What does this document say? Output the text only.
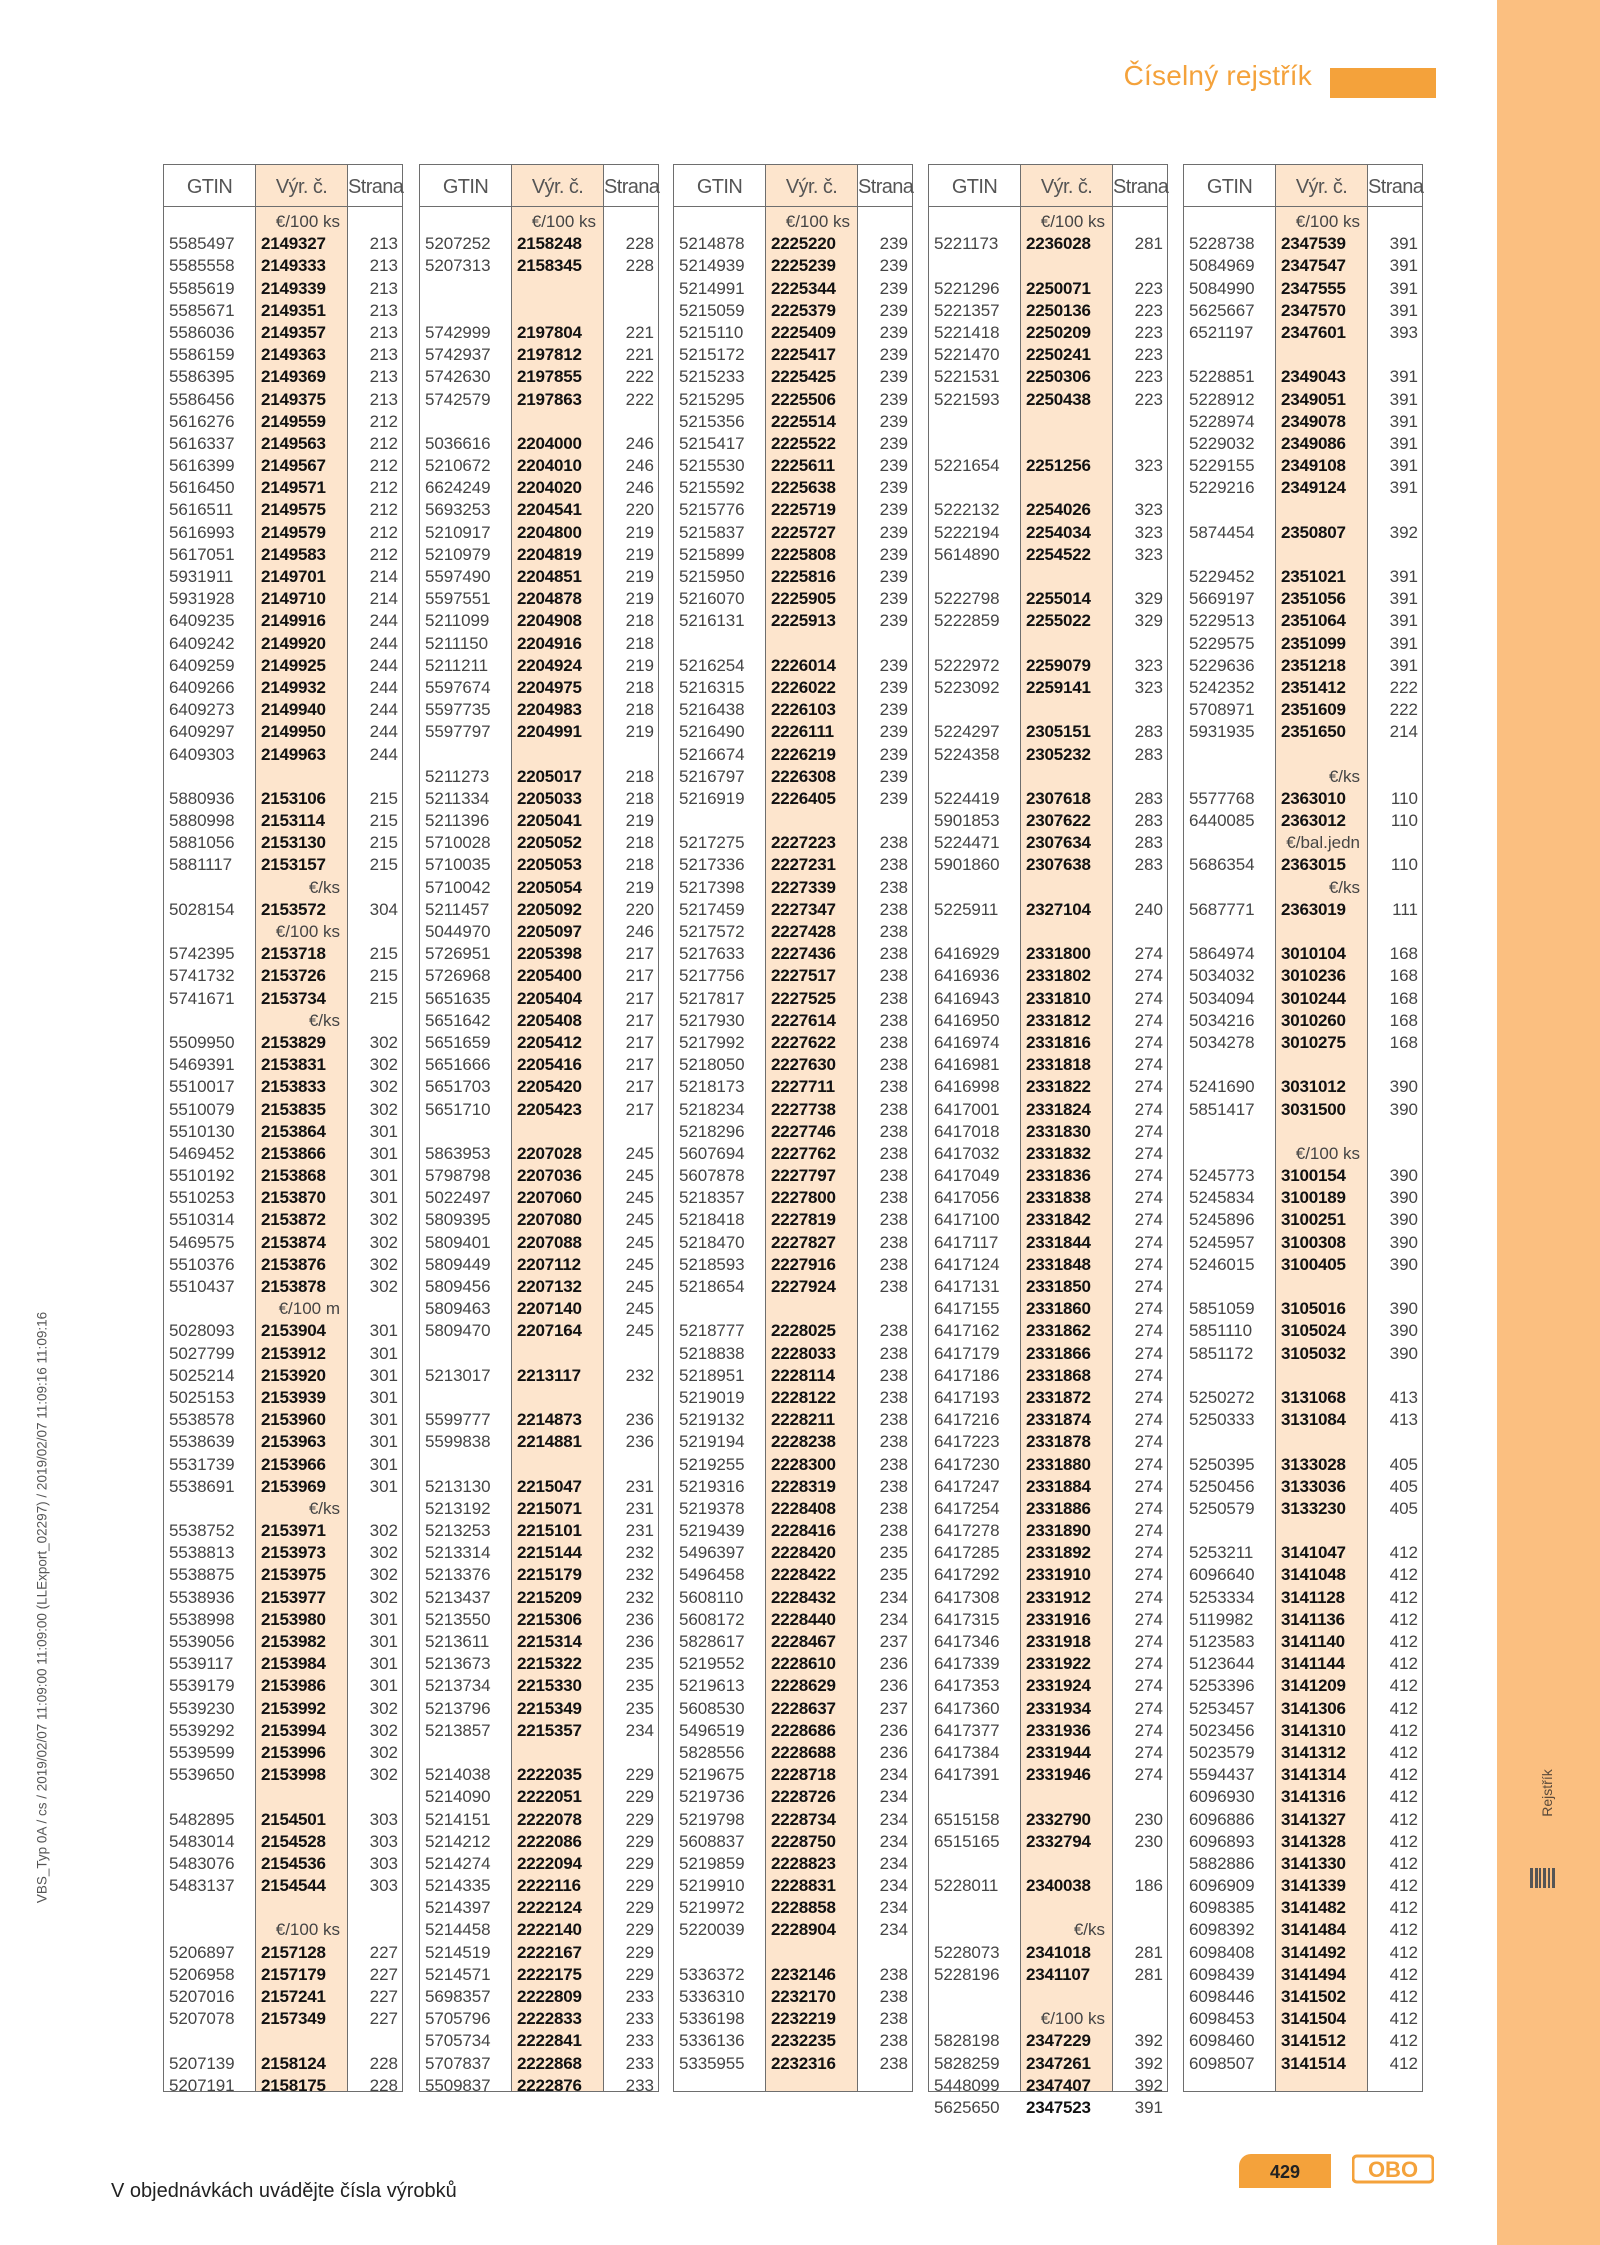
Rejstřík
Číselný rejstřík
VBS_Typ 0A / cs / 2019/02/07 11:09:00 11:09:00 (LLExport_02297) / 2019/02/07 11:09:16 11:09:16
GTIN	Výr. č.	Strana
€/100 ks
5585497 2149327	213
5585558 2149333	213
5585619 2149339	213
5585671 2149351	213
5586036 2149357	213
5586159 2149363	213
5586395 2149369	213
5586456 2149375	213
5616276 2149559	212
5616337 2149563	212
5616399 2149567	212
5616450 2149571	212
5616511 2149575	212
5616993 2149579	212
5617051 2149583	212
5931911 2149701	214
5931928 2149710	214
6409235 2149916	244
6409242 2149920	244
6409259 2149925	244
6409266 2149932	244
6409273 2149940	244
6409297 2149950	244
6409303 2149963	244
5880936 2153106	215
5880998 2153114	215
5881056 2153130	215
5881117 2153157	215
€/ks
5028154 2153572	304
€/100 ks
5742395 2153718	215
5741732 2153726	215
5741671 2153734	215
€/ks
5509950 2153829	302
5469391 2153831	302
5510017 2153833	302
5510079 2153835	302
5510130 2153864	301
5469452 2153866	301
5510192 2153868	301
5510253 2153870	301
5510314 2153872	302
5469575 2153874	302
5510376 2153876	302
5510437 2153878	302
€/100 m
5028093 2153904	301
5027799 2153912	301
5025214 2153920	301
5025153 2153939	301
5538578 2153960	301
5538639 2153963	301
5531739 2153966	301
5538691 2153969	301
€/ks
5538752 2153971	302
5538813 2153973	302
5538875 2153975	302
5538936 2153977	302
5538998 2153980	301
5539056 2153982	301
5539117 2153984	301
5539179 2153986	301
5539230 2153992	302
5539292 2153994	302
5539599 2153996	302
5539650 2153998	302
5482895 2154501	303
5483014 2154528	303
5483076 2154536	303
5483137 2154544	303
€/100 ks
5206897 2157128	227
5206958 2157179	227
5207016 2157241	227
5207078 2157349	227
5207139 2158124	228
5207191 2158175	228
GTIN	Výr. č.	Strana
€/100 ks
5207252 2158248	228
5207313 2158345	228
5742999 2197804	221
5742937 2197812	221
5742630 2197855	222
5742579 2197863	222
5036616 2204000	246
5210672 2204010	246
6624249 2204020	246
5693253 2204541	220
5210917 2204800	219
5210979 2204819	219
5597490 2204851	219
5597551 2204878	219
5211099 2204908	218
5211150 2204916	218
5211211 2204924	219
5597674 2204975	218
5597735 2204983	218
5597797 2204991	219
5211273 2205017	218
5211334 2205033	218
5211396 2205041	219
5710028 2205052	218
5710035 2205053	218
5710042 2205054	219
5211457 2205092	220
5044970 2205097	246
5726951 2205398	217
5726968 2205400	217
5651635 2205404	217
5651642 2205408	217
5651659 2205412	217
5651666 2205416	217
5651703 2205420	217
5651710 2205423	217
5863953 2207028	245
5798798 2207036	245
5022497 2207060	245
5809395 2207080	245
5809401 2207088	245
5809449 2207112	245
5809456 2207132	245
5809463 2207140	245
5809470 2207164	245
5213017 2213117	232
5599777 2214873	236
5599838 2214881	236
5213130 2215047	231
5213192 2215071	231
5213253 2215101	231
5213314 2215144	232
5213376 2215179	232
5213437 2215209	232
5213550 2215306	236
5213611 2215314	236
5213673 2215322	235
5213734 2215330	235
5213796 2215349	235
5213857 2215357	234
5214038 2222035	229
5214090 2222051	229
5214151 2222078	229
5214212 2222086	229
5214274 2222094	229
5214335 2222116	229
5214397 2222124	229
5214458 2222140	229
5214519 2222167	229
5214571 2222175	229
5698357 2222809	233
5705796 2222833	233
5705734 2222841	233
5707837 2222868	233
5509837 2222876	233
GTIN	Výr. č.	Strana
€/100 ks
5214878 2225220	239
5214939 2225239	239
5214991 2225344	239
5215059 2225379	239
5215110 2225409	239
5215172 2225417	239
5215233 2225425	239
5215295 2225506	239
5215356 2225514	239
5215417 2225522	239
5215530 2225611	239
5215592 2225638	239
5215776 2225719	239
5215837 2225727	239
5215899 2225808	239
5215950 2225816	239
5216070 2225905	239
5216131 2225913	239
5216254 2226014	239
5216315 2226022	239
5216438 2226103	239
5216490 2226111	239
5216674 2226219	239
5216797 2226308	239
5216919 2226405	239
5217275 2227223	238
5217336 2227231	238
5217398 2227339	238
5217459 2227347	238
5217572 2227428	238
5217633 2227436	238
5217756 2227517	238
5217817 2227525	238
5217930 2227614	238
5217992 2227622	238
5218050 2227630	238
5218173 2227711	238
5218234 2227738	238
5218296 2227746	238
5607694 2227762	238
5607878 2227797	238
5218357 2227800	238
5218418 2227819	238
5218470 2227827	238
5218593 2227916	238
5218654 2227924	238
5218777 2228025	238
5218838 2228033	238
5218951 2228114	238
5219019 2228122	238
5219132 2228211	238
5219194 2228238	238
5219255 2228300	238
5219316 2228319	238
5219378 2228408	238
5219439 2228416	238
5496397 2228420	235
5496458 2228422	235
5608110 2228432	234
5608172 2228440	234
5828617 2228467	237
5219552 2228610	236
5219613 2228629	236
5608530 2228637	237
5496519 2228686	236
5828556 2228688	236
5219675 2228718	234
5219736 2228726	234
5219798 2228734	234
5608837 2228750	234
5219859 2228823	234
5219910 2228831	234
5219972 2228858	234
5220039 2228904	234
5336372 2232146	238
5336310 2232170	238
5336198 2232219	238
5336136 2232235	238
5335955 2232316	238
GTIN	Výr. č.	Strana
€/100 ks
5221173 2236028	281
5221296 2250071	223
5221357 2250136	223
5221418 2250209	223
5221470 2250241	223
5221531 2250306	223
5221593 2250438	223
5221654 2251256	323
5222132 2254026	323
5222194 2254034	323
5614890 2254522	323
5222798 2255014	329
5222859 2255022	329
5222972 2259079	323
5223092 2259141	323
5224297 2305151	283
5224358 2305232	283
5224419 2307618	283
5901853 2307622	283
5224471 2307634	283
5901860 2307638	283
5225911 2327104	240
6416929 2331800	274
6416936 2331802	274
6416943 2331810	274
6416950 2331812	274
6416974 2331816	274
6416981 2331818	274
6416998 2331822	274
6417001 2331824	274
6417018 2331830	274
6417032 2331832	274
6417049 2331836	274
6417056 2331838	274
6417100 2331842	274
6417117 2331844	274
6417124 2331848	274
6417131 2331850	274
6417155 2331860	274
6417162 2331862	274
6417179 2331866	274
6417186 2331868	274
6417193 2331872	274
6417216 2331874	274
6417223 2331878	274
6417230 2331880	274
6417247 2331884	274
6417254 2331886	274
6417278 2331890	274
6417285 2331892	274
6417292 2331910	274
6417308 2331912	274
6417315 2331916	274
6417346 2331918	274
6417339 2331922	274
6417353 2331924	274
6417360 2331934	274
6417377 2331936	274
6417384 2331944	274
6417391 2331946	274
6515158 2332790	230
6515165 2332794	230
5228011 2340038	186
€/ks
5228073 2341018	281
5228196 2341107	281
€/100 ks
5828198 2347229	392
5828259 2347261	392
5448099 2347407	392
5625650 2347523	391
GTIN	Výr. č.	Strana
€/100 ks
5228738 2347539	391
5084969 2347547	391
5084990 2347555	391
5625667 2347570	391
6521197 2347601	393
5228851 2349043	391
5228912 2349051	391
5228974 2349078	391
5229032 2349086	391
5229155 2349108	391
5229216 2349124	391
5874454 2350807	392
5229452 2351021	391
5669197 2351056	391
5229513 2351064	391
5229575 2351099	391
5229636 2351218	391
5242352 2351412	222
5708971 2351609	222
5931935 2351650	214
€/ks
5577768 2363010	110
6440085 2363012	110
€/bal.jedn
5686354 2363015	110
€/ks
5687771 2363019	111
5864974 3010104	168
5034032 3010236	168
5034094 3010244	168
5034216 3010260	168
5034278 3010275	168
5241690 3031012	390
5851417 3031500	390
€/100 ks
5245773 3100154	390
5245834 3100189	390
5245896 3100251	390
5245957 3100308	390
5246015 3100405	390
5851059 3105016	390
5851110 3105024	390
5851172 3105032	390
5250272 3131068	413
5250333 3131084	413
5250395 3133028	405
5250456 3133036	405
5250579 3133230	405
5253211 3141047	412
6096640 3141048	412
5253334 3141128	412
5119982 3141136	412
5123583 3141140	412
5123644 3141144	412
5253396 3141209	412
5253457 3141306	412
5023456 3141310	412
5023579 3141312	412
5594437 3141314	412
6096930 3141316	412
6096886 3141327	412
6096893 3141328	412
5882886 3141330	412
6096909 3141339	412
6098385 3141482	412
6098392 3141484	412
6098408 3141492	412
6098439 3141494	412
6098446 3141502	412
6098453 3141504	412
6098460 3141512	412
6098507 3141514	412
V objednávkách uvádějte čísla výrobků
429	OBO
